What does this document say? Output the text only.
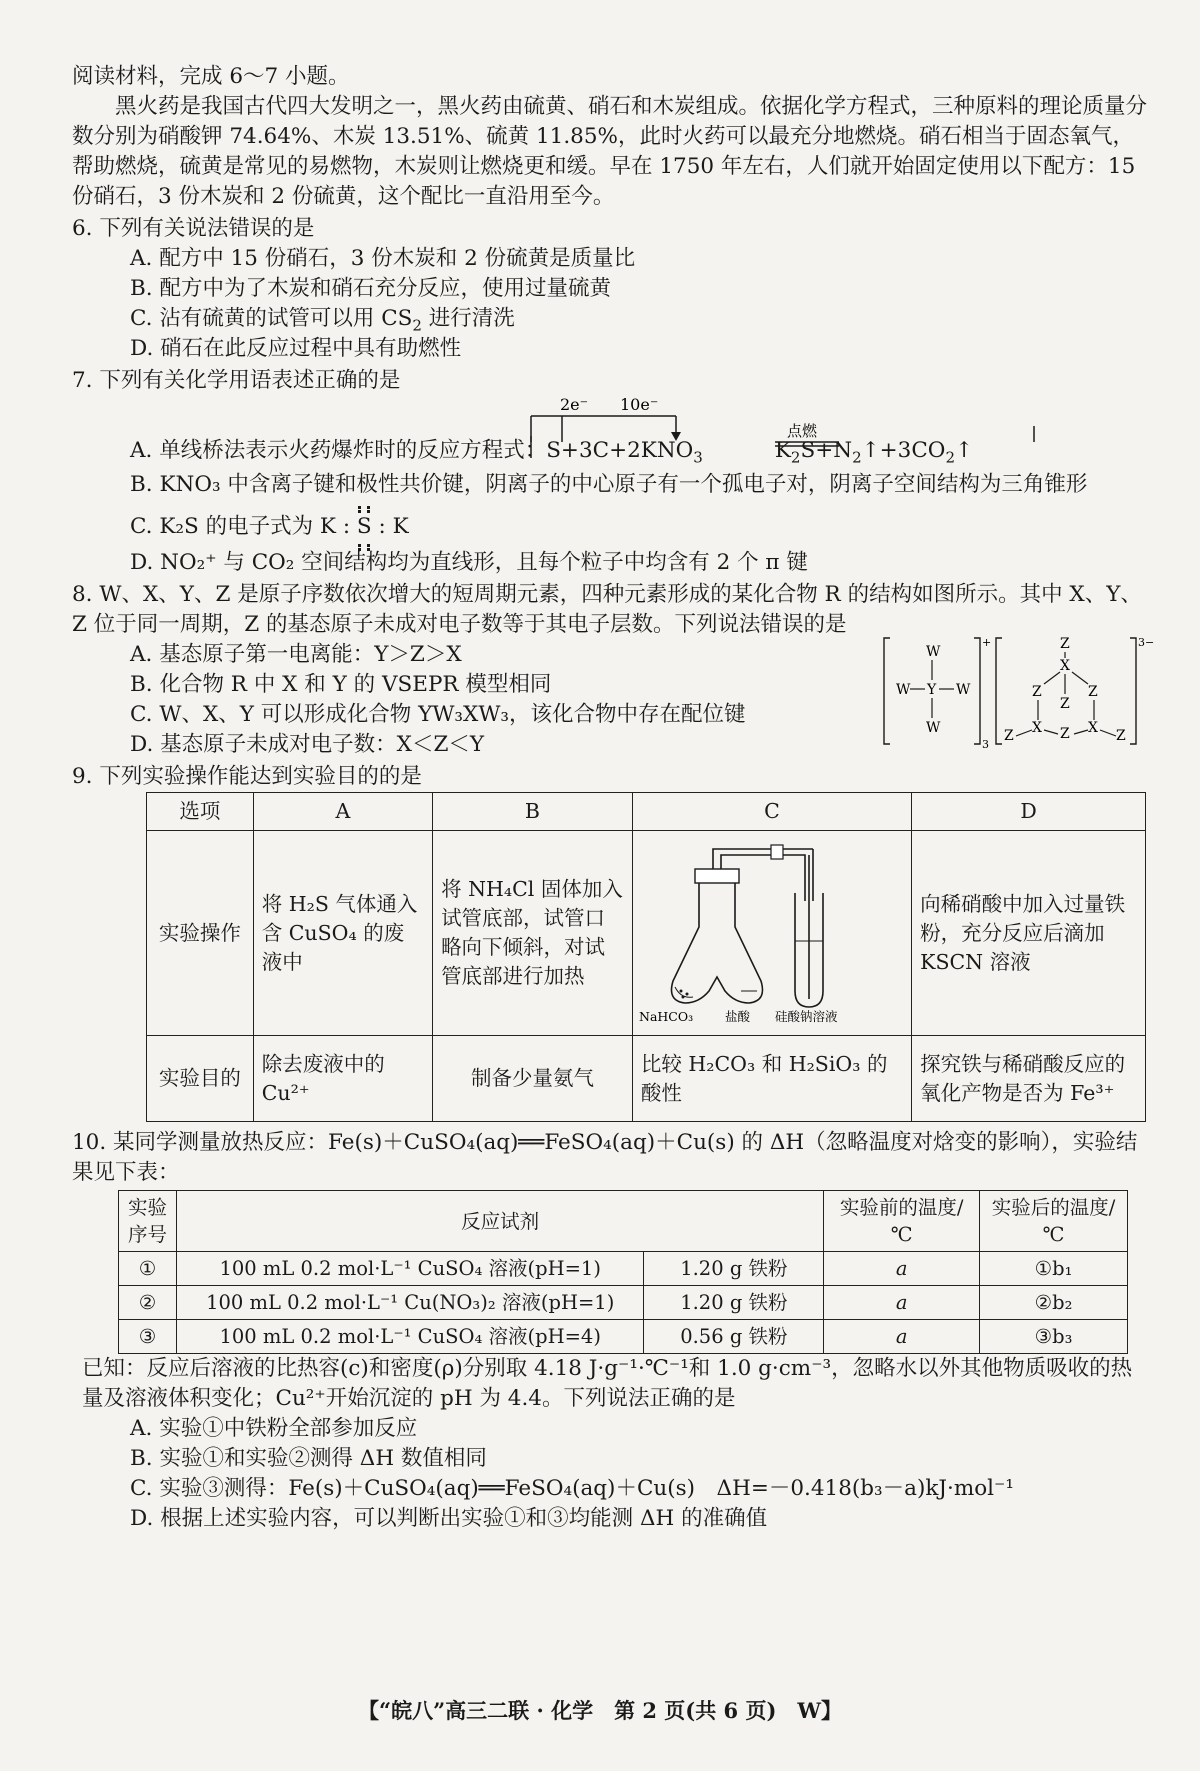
阅读材料，完成 6～7 小题。

黑火药是我国古代四大发明之一，黑火药由硫黄、硝石和木炭组成。依据化学方程式，三种原料的理论质量分数分别为硝酸钾 74.64%、木炭 13.51%、硫黄 11.85%，此时火药可以最充分地燃烧。硝石相当于固态氧气，帮助燃烧，硫黄是常见的易燃物，木炭则让燃烧更和缓。早在 1750 年左右，人们就开始固定使用以下配方：15 份硝石，3 份木炭和 2 份硫黄，这个配比一直沿用至今。

6. 下列有关说法错误的是

A. 配方中 15 份硝石，3 份木炭和 2 份硫黄是质量比

B. 配方中为了木炭和硝石充分反应，使用过量硫黄

C. 沾有硫黄的试管可以用 $CS_2$ 进行清洗

D. 硝石在此反应过程中具有助燃性

7. 下列有关化学用语表述正确的是

2e⁻ 10e⁻
点燃
A. 单线桥法表示火药爆炸时的反应方程式：$S+3C+2KNO_3$	$K_2S+N_2↑+3CO_2↑$

B. KNO₃ 中含离子键和极性共价键，阴离子的中心原子有一个孤电子对，阴离子空间结构为三角锥形

C. K₂S 的电子式为 K : S : K

D. NO₂⁺ 与 CO₂ 空间结构均为直线形，且每个粒子中均含有 2 个 π 键

8. W、X、Y、Z 是原子序数依次增大的短周期元素，四种元素形成的某化合物 R 的结构如图所示。其中 X、Y、Z 位于同一周期，Z 的基态原子未成对电子数等于其电子层数。下列说法错误的是

A. 基态原子第一电离能：Y＞Z＞X

B. 化合物 R 中 X 和 Y 的 VSEPR 模型相同

C. W、X、Y 可以形成化合物 YW₃XW₃，该化合物中存在配位键

D. 基态原子未成对电子数：X＜Z＜Y

+
3
W
W Y W
W
3−
Z
X
Z	Z
Z
X Z X
Z	Z

9. 下列实验操作能达到实验目的的是

选项	A	B	C	D
实验操作	将 H₂S 气体通入含 CuSO₄ 的废液中	将 NH₄Cl 固体加入试管底部，试管口略向下倾斜，对试管底部进行加热	NaHCO₃ 盐酸 硅酸钠溶液	向稀硝酸中加入过量铁粉，充分反应后滴加 KSCN 溶液
实验目的	除去废液中的 Cu²⁺	制备少量氨气	比较 H₂CO₃ 和 H₂SiO₃ 的酸性	探究铁与稀硝酸反应的氧化产物是否为 Fe³⁺

10. 某同学测量放热反应：Fe(s)＋CuSO₄(aq)══FeSO₄(aq)＋Cu(s) 的 ΔH（忽略温度对焓变的影响），实验结果见下表：

实验序号	反应试剂		实验前的温度/℃	实验后的温度/℃
①	100 mL 0.2 mol·L⁻¹ CuSO₄ 溶液(pH=1)	1.20 g 铁粉	a	①b₁
②	100 mL 0.2 mol·L⁻¹ Cu(NO₃)₂ 溶液(pH=1)	1.20 g 铁粉	a	②b₂
③	100 mL 0.2 mol·L⁻¹ CuSO₄ 溶液(pH=4)	0.56 g 铁粉	a	③b₃

已知：反应后溶液的比热容(c)和密度(ρ)分别取 4.18 J·g⁻¹·℃⁻¹和 1.0 g·cm⁻³，忽略水以外其他物质吸收的热量及溶液体积变化；Cu²⁺开始沉淀的 pH 为 4.4。下列说法正确的是

A. 实验①中铁粉全部参加反应

B. 实验①和实验②测得 ΔH 数值相同

C. 实验③测得：Fe(s)＋CuSO₄(aq)══FeSO₄(aq)＋Cu(s)　ΔH=－0.418(b₃－a)kJ·mol⁻¹

D. 根据上述实验内容，可以判断出实验①和③均能测 ΔH 的准确值

【“皖八”高三二联 · 化学　第 2 页(共 6 页)　W】
